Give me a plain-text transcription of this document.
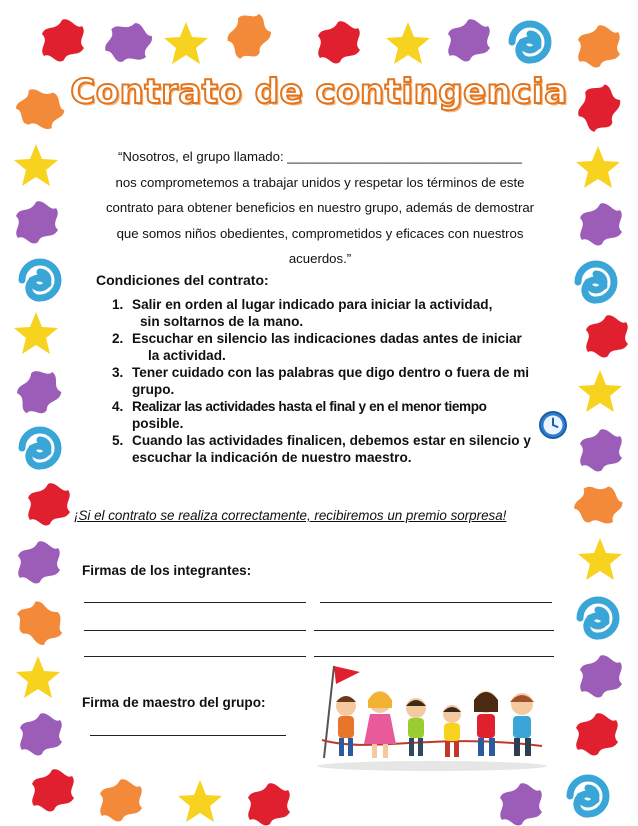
Contrato de contingencia

“Nosotros, el grupo llamado: ________________________________

nos comprometemos a trabajar unidos y respetar los términos de este

contrato para obtener beneficios en nuestro grupo, además de demostrar

que somos niños obedientes, comprometidos y eficaces con nuestros

acuerdos.”

Condiciones del contrato:
1. Salir en orden al lugar indicado para iniciar la actividad,
sin soltarnos de la mano.
2. Escuchar en silencio las indicaciones dadas antes de iniciar
la actividad.
3. Tener cuidado con las palabras que digo dentro o fuera de mi
grupo.
4. Realizar las actividades hasta el final y en el menor tiempo
posible.
5. Cuando las actividades finalicen, debemos estar en silencio y
escuchar la indicación de nuestro maestro.
¡Si el contrato se realiza correctamente, recibiremos un premio sorpresa!
Firmas de los integrantes:
Firma de maestro del grupo:
